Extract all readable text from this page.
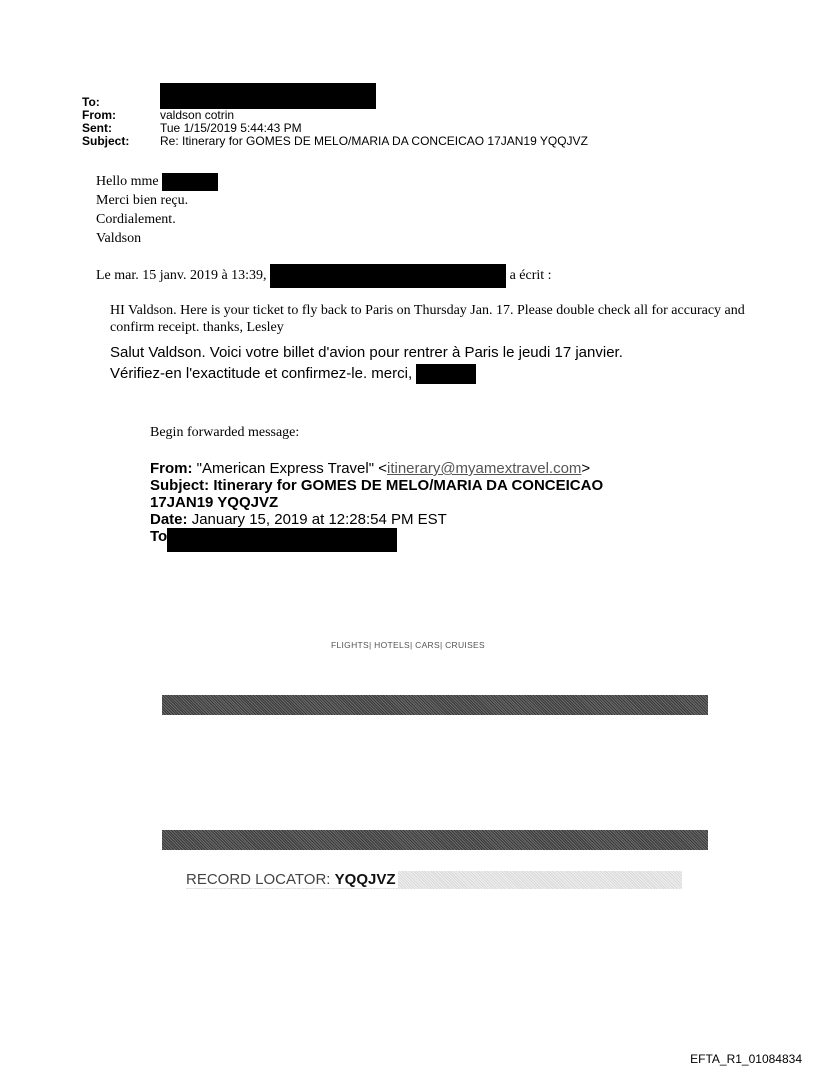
To:
From:	valdson cotrin
Sent:	Tue 1/15/2019 5:44:43 PM
Subject:	Re: Itinerary for GOMES DE MELO/MARIA DA CONCEICAO 17JAN19 YQQJVZ
Hello mme
Merci bien reçu.
Cordialement.
Valdson
Le mar. 15 janv. 2019 à 13:39,	a écrit :
HI Valdson. Here is your ticket to fly back to Paris on Thursday Jan. 17. Please double check all for accuracy and confirm receipt. thanks, Lesley
Salut Valdson. Voici votre billet d'avion pour rentrer à Paris le jeudi 17 janvier.
Vérifiez-en l'exactitude et confirmez-le. merci,
Begin forwarded message:
From: "American Express Travel" <itinerary@myamextravel.com>
Subject: Itinerary for GOMES DE MELO/MARIA DA CONCEICAO 17JAN19 YQQJVZ
Date: January 15, 2019 at 12:28:54 PM EST
To
FLIGHTS| HOTELS| CARS| CRUISES
RECORD LOCATOR: YQQJVZ
EFTA_R1_01084834
